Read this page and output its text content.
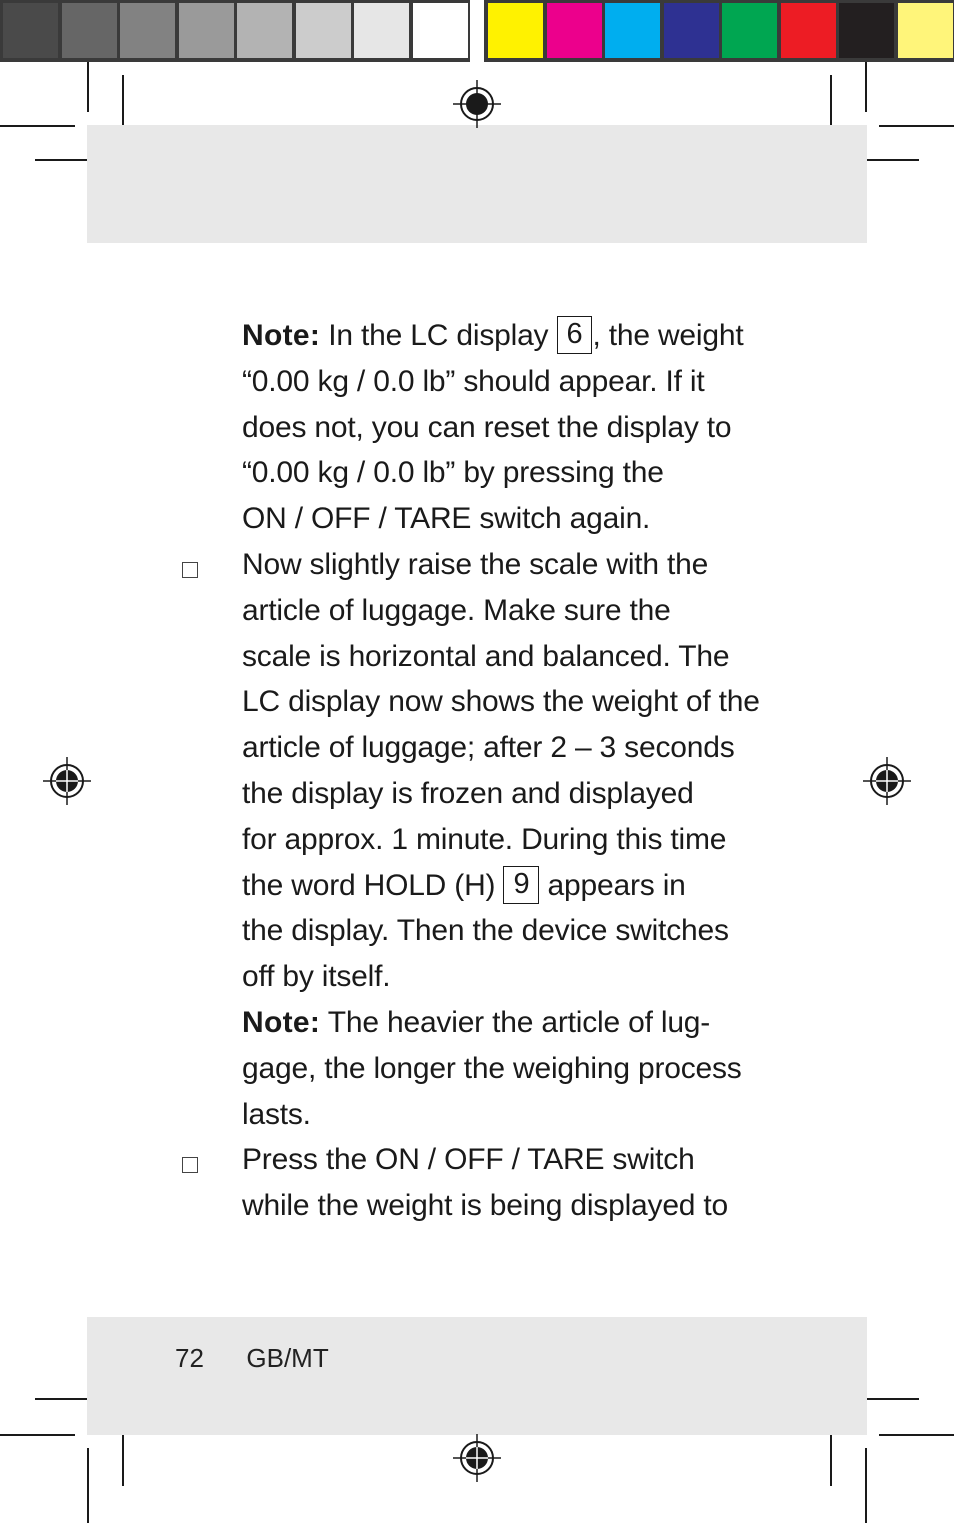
Note: In the LC display 6 , the weight
“0.00 kg / 0.0 lb” should appear. If it
does not, you can reset the display to
“0.00 kg / 0.0 lb” by pressing the
ON / OFF / TARE switch again.
Now slightly raise the scale with the
article of luggage. Make sure the
scale is horizontal and balanced. The
LC display now shows the weight of the
article of luggage; after 2 – 3 seconds
the display is frozen and displayed
for approx. 1 minute. During this time
the word HOLD (H) 9 appears in
the display. Then the device switches
off by itself.
Note: The heavier the article of lug-
gage, the longer the weighing process
lasts.
Press the ON / OFF / TARE switch
while the weight is being displayed to
72 GB/MT
